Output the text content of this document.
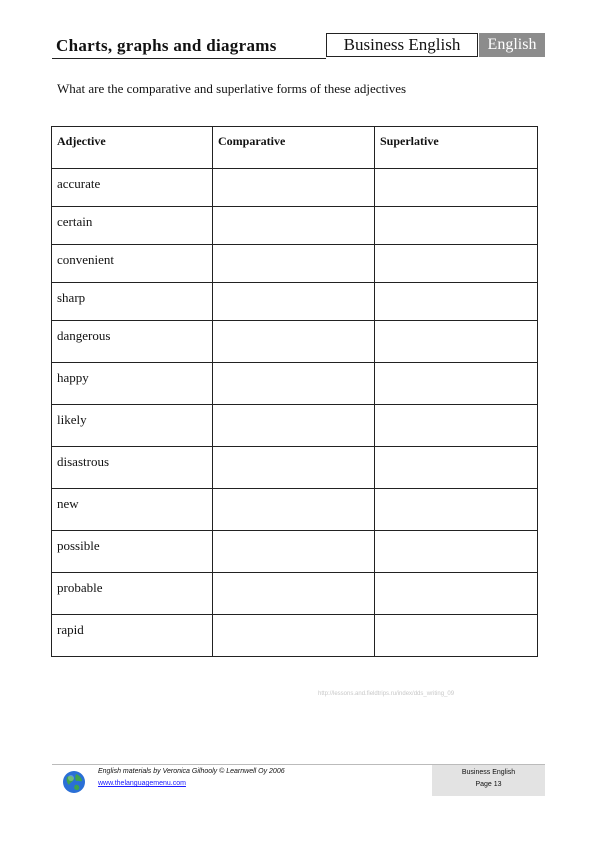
Charts, graphs and diagrams	Business English	English
What are the comparative and superlative forms of these adjectives
Adjective	Comparative	Superlative
accurate		
certain		
convenient		
sharp		
dangerous		
happy		
likely		
disastrous		
new		
possible		
probable		
rapid		
http://lessons.and.fieldtrips.ru/index/dds_writing_09
English materials by Veronica Gilhooly © Learnwell Oy 2006
www.thelanguagemenu.com
Business English
Page 13
